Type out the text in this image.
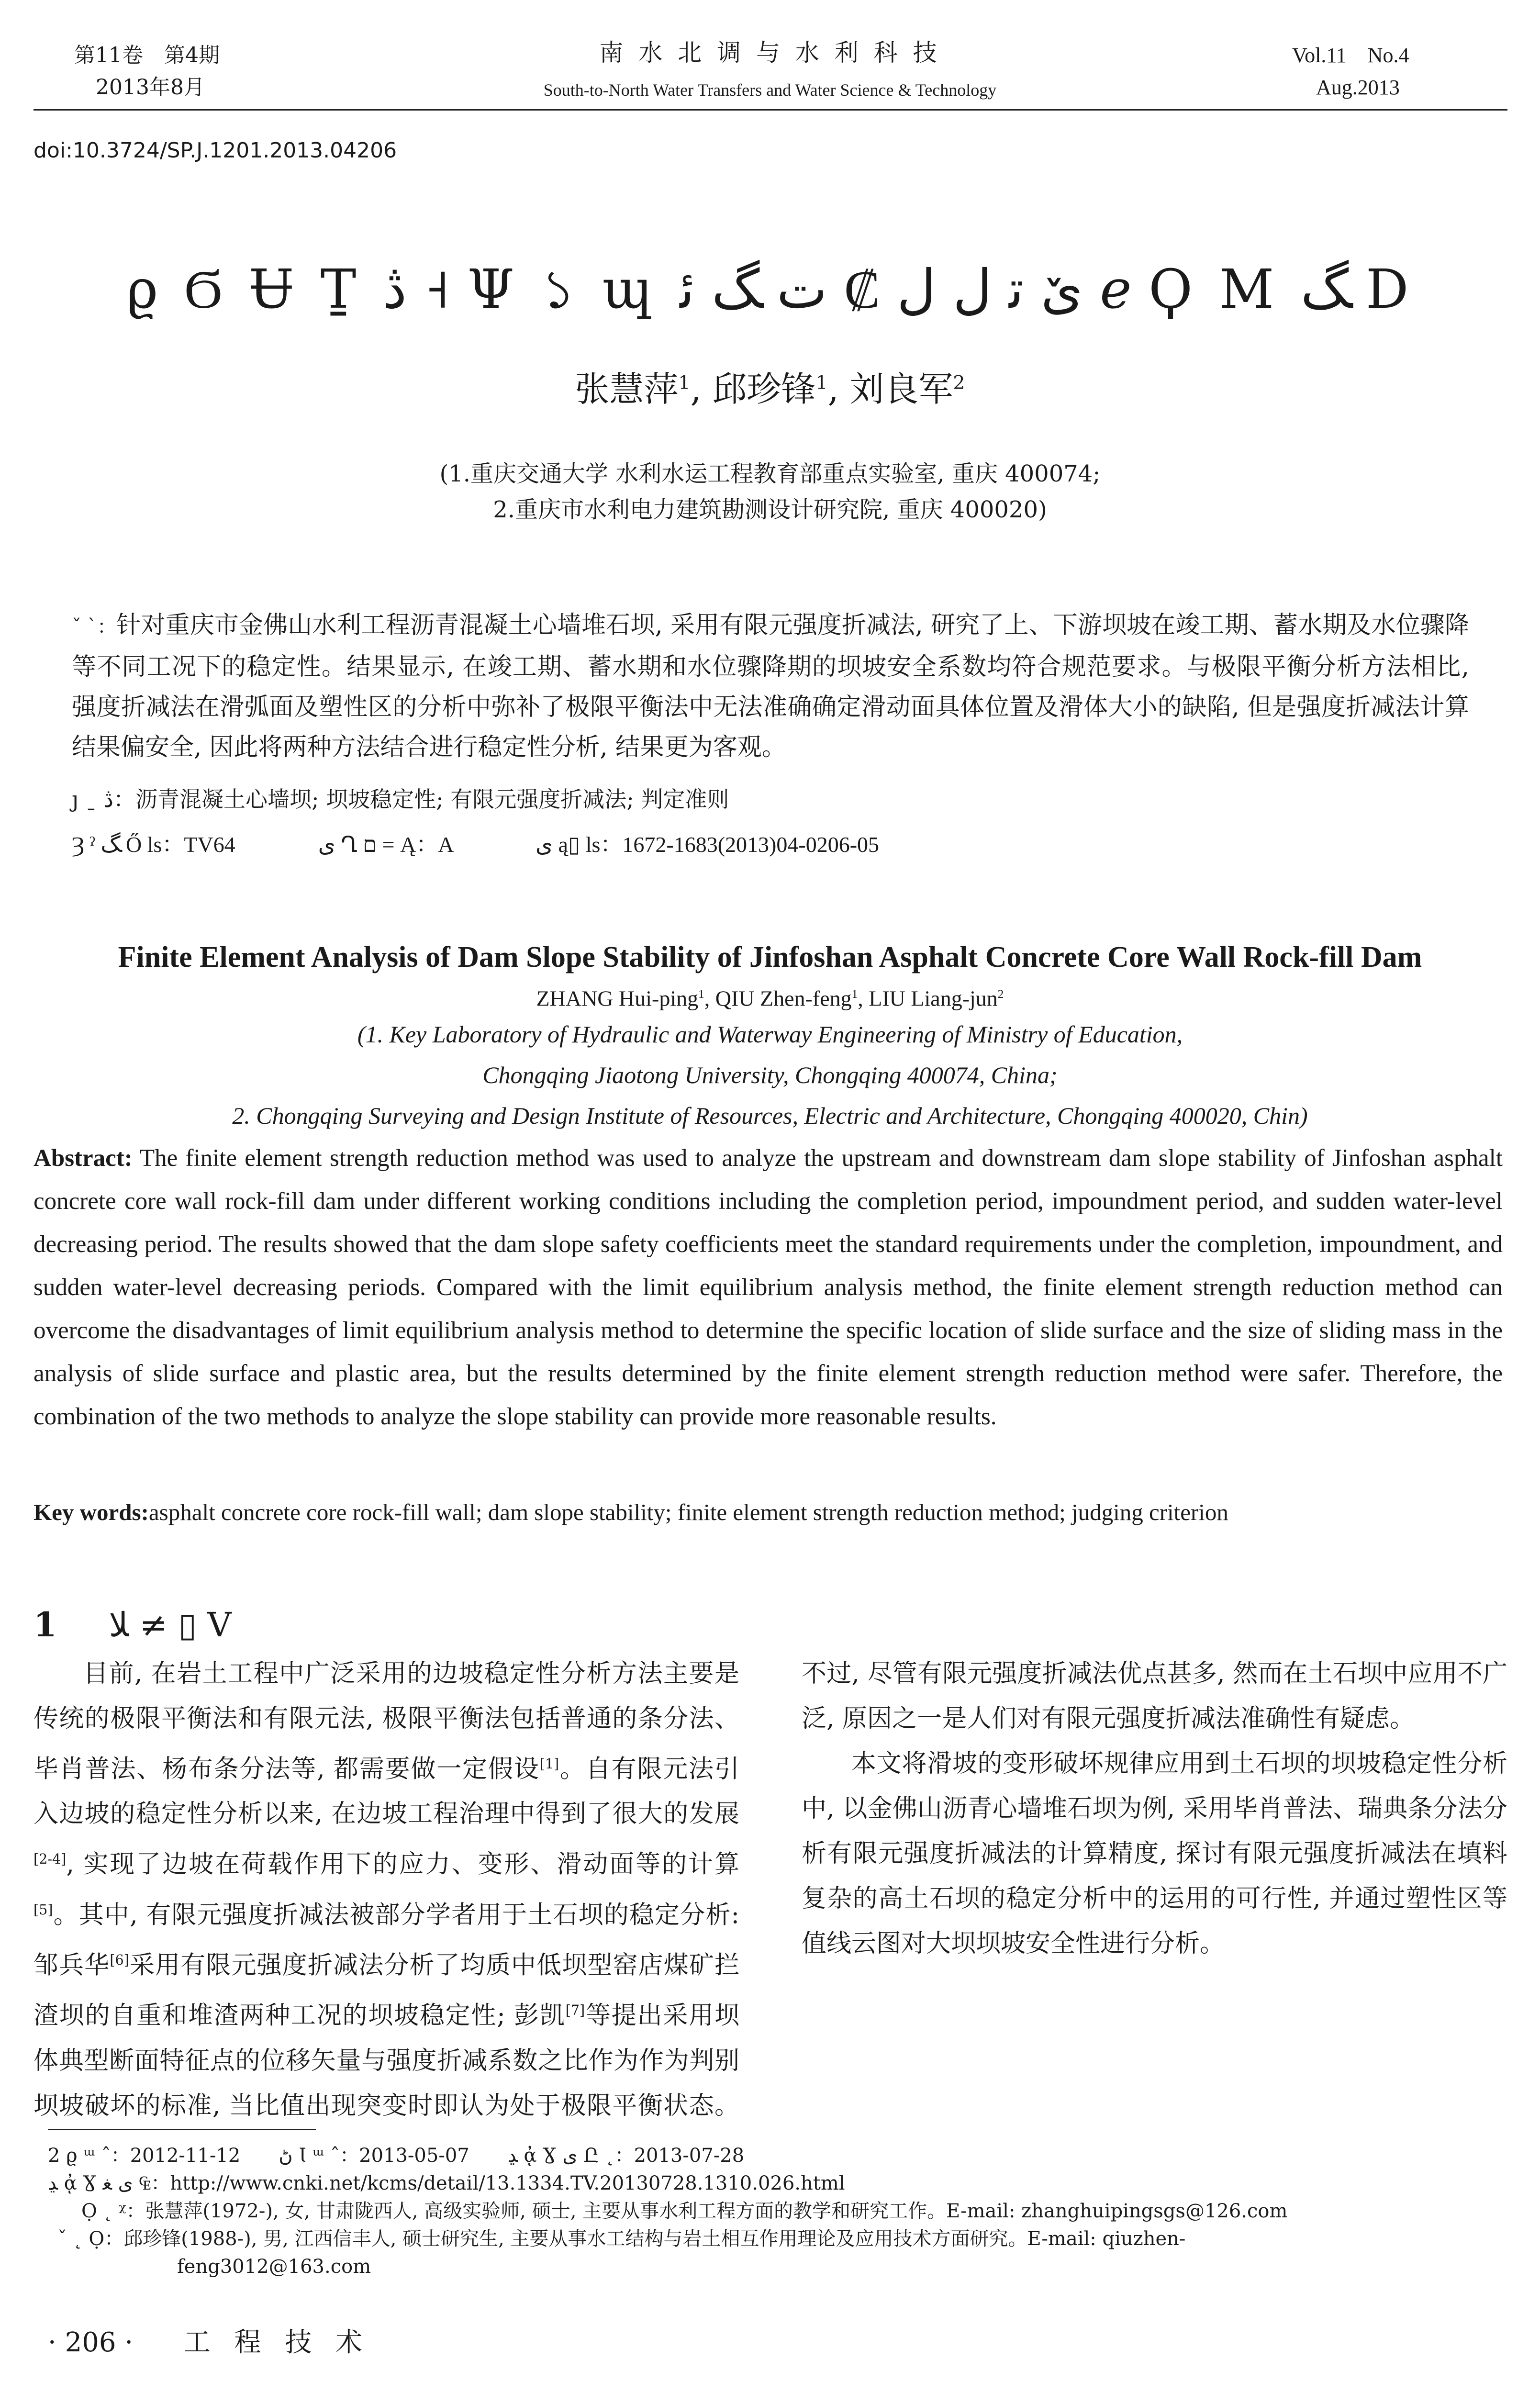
第11卷　第4期
2013年8月
南 水 北 调 与 水 利 科 技
South-to-North Water Transfers and Water Science & Technology
Vol.11　No.4
Aug.2013
doi:10.3724/SP.J.1201.2013.04206
ϱ Ϭ Ʉ Ṯ ڎ ˧ Ψ ১ ɰ ێ ﺗ ل ل ₡ ﺕ ﮓ ﺋ ℯ Ϙ Μ ﮓ D
张慧萍$^1$, 邱珍锋$^1$, 刘良军$^2$
(1.重庆交通大学 水利水运工程教育部重点实验室, 重庆 400074;
2.重庆市水利电力建筑勘测设计研究院, 重庆 400020)
ˇ ˋ：针对重庆市金佛山水利工程沥青混凝土心墙堆石坝, 采用有限元强度折减法, 研究了上、下游坝坡在竣工期、蓄水期及水位骤降等不同工况下的稳定性。结果显示, 在竣工期、蓄水期和水位骤降期的坝坡安全系数均符合规范要求。与极限平衡分析方法相比, 强度折减法在滑弧面及塑性区的分析中弥补了极限平衡法中无法准确确定滑动面具体位置及滑体大小的缺陷, 但是强度折减法计算结果偏安全, 因此将两种方法结合进行稳定性分析, 结果更为客观。
ȷ ˍ ڎ：沥青混凝土心墙坝; 坝坡稳定性; 有限元强度折减法; 判定准则
Ȝ ˀ ﮓ Ő ls：TV64	ﻯ Ղ ﬦ = Ą：A	ﻯ ą▯ ls：1672-1683(2013)04-0206-05
Finite Element Analysis of Dam Slope Stability of Jinfoshan Asphalt Concrete Core Wall Rock-fill Dam
ZHANG Hui-ping$^1$, QIU Zhen-feng$^1$, LIU Liang-jun$^2$
(1. Key Laboratory of Hydraulic and Waterway Engineering of Ministry of Education,
Chongqing Jiaotong University, Chongqing 400074, China;
2. Chongqing Surveying and Design Institute of Resources, Electric and Architecture, Chongqing 400020, Chin)
Abstract: The finite element strength reduction method was used to analyze the upstream and downstream dam slope stability of Jinfoshan asphalt concrete core wall rock-fill dam under different working conditions including the completion period, impoundment period, and sudden water-level decreasing period. The results showed that the dam slope safety coefficients meet the standard requirements under the completion, impoundment, and sudden water-level decreasing periods. Compared with the limit equilibrium analysis method, the finite element strength reduction method can overcome the disadvantages of limit equilibrium analysis method to determine the specific location of slide surface and the size of sliding mass in the analysis of slide surface and plastic area, but the results determined by the finite element strength reduction method were safer. Therefore, the combination of the two methods to analyze the slope stability can provide more reasonable results.
Key words:asphalt concrete core rock-fill wall; dam slope stability; finite element strength reduction method; judging criterion
1 ﻼ ≠ ▯ V

目前, 在岩土工程中广泛采用的边坡稳定性分析方法主要是传统的极限平衡法和有限元法, 极限平衡法包括普通的条分法、毕肖普法、杨布条分法等, 都需要做一定假设[1]。自有限元法引入边坡的稳定性分析以来, 在边坡工程治理中得到了很大的发展[2-4], 实现了边坡在荷载作用下的应力、变形、滑动面等的计算[5]。其中, 有限元强度折减法被部分学者用于土石坝的稳定分析: 邹兵华[6]采用有限元强度折减法分析了均质中低坝型窑店煤矿拦渣坝的自重和堆渣两种工况的坝坡稳定性; 彭凯[7]等提出采用坝体典型断面特征点的位移矢量与强度折减系数之比作为作为判别坝坡破坏的标准, 当比值出现突变时即认为处于极限平衡状态。不过, 尽管有限元强度折减法优点甚多, 然而在土石坝中应用不广泛, 原因之一是人们对有限元强度折减法准确性有疑虑。

本文将滑坡的变形破坏规律应用到土石坝的坝坡稳定性分析中, 以金佛山沥青心墙堆石坝为例, 采用毕肖普法、瑞典条分法分析有限元强度折减法的计算精度, 探讨有限元强度折减法在填料复杂的高土石坝的稳定分析中的运用的可行性, 并通过塑性区等值线云图对大坝坝坡安全性进行分析。

2 ϱ ᵚ ˆ：2012-11-12　　ﮠ Ɩ ᵚ ˆ：2013-05-07　　ﮃ ᾀ Ɣ ﻯ Ը ˛：2013-07-28

ﮃ ᾀ Ɣ ﻯ ﻐ ₠：http://www.cnki.net/kcms/detail/13.1334.TV.20130728.1310.026.html

Ọ ˛ ᵡ：张慧萍(1972-), 女, 甘肃陇西人, 高级实验师, 硕士, 主要从事水利工程方面的教学和研究工作。E-mail: zhanghuipingsgs@126.com

ˇ ˛ Ọ：邱珍锋(1988-), 男, 江西信丰人, 硕士研究生, 主要从事水工结构与岩土相互作用理论及应用技术方面研究。E-mail: qiuzhen-

feng3012@163.com

· 206 · 工 程 技 术
